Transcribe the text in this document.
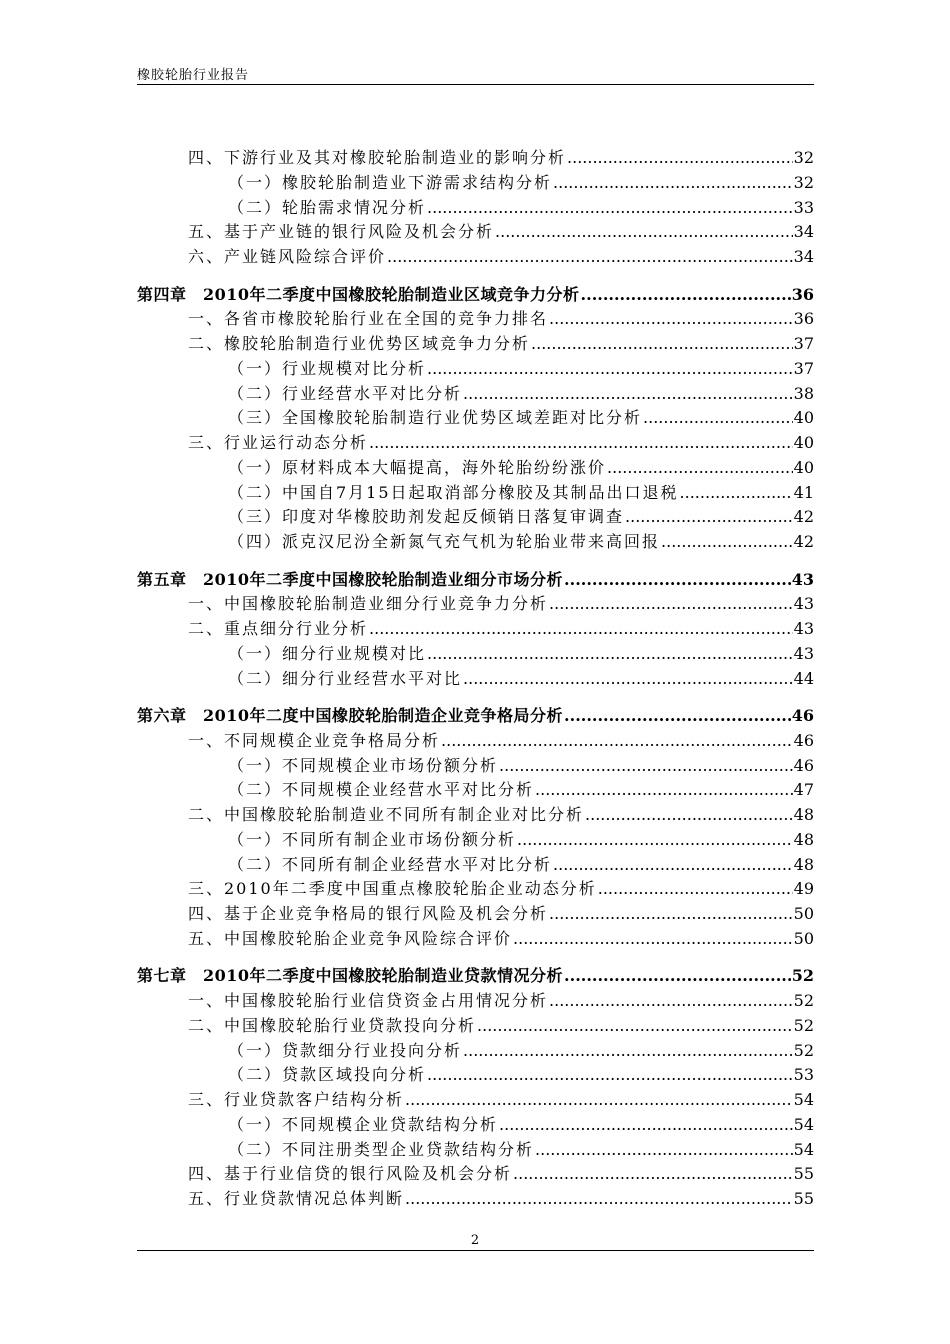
橡胶轮胎行业报告
四、下游行业及其对橡胶轮胎制造业的影响分析 .....	32
（一）橡胶轮胎制造业下游需求结构分析 .....	32
（二）轮胎需求情况分析 .....	33
五、基于产业链的银行风险及机会分析 .....	34
六、产业链风险综合评价 .....	34
第四章　2010年二季度中国橡胶轮胎制造业区域竞争力分析 .....	36
一、各省市橡胶轮胎行业在全国的竞争力排名 .....	36
二、橡胶轮胎制造行业优势区域竞争力分析 .....	37
（一）行业规模对比分析 .....	37
（二）行业经营水平对比分析 .....	38
（三）全国橡胶轮胎制造行业优势区域差距对比分析 .....	40
三、行业运行动态分析 .....	40
（一）原材料成本大幅提高，海外轮胎纷纷涨价 .....	40
（二）中国自7月15日起取消部分橡胶及其制品出口退税 .....	41
（三）印度对华橡胶助剂发起反倾销日落复审调查 .....	42
（四）派克汉尼汾全新氮气充气机为轮胎业带来高回报 .....	42
第五章　2010年二季度中国橡胶轮胎制造业细分市场分析 .....	43
一、中国橡胶轮胎制造业细分行业竞争力分析 .....	43
二、重点细分行业分析 .....	43
（一）细分行业规模对比 .....	43
（二）细分行业经营水平对比 .....	44
第六章　2010年二度中国橡胶轮胎制造企业竞争格局分析 .....	46
一、不同规模企业竞争格局分析 .....	46
（一）不同规模企业市场份额分析 .....	46
（二）不同规模企业经营水平对比分析 .....	47
二、中国橡胶轮胎制造业不同所有制企业对比分析 .....	48
（一）不同所有制企业市场份额分析 .....	48
（二）不同所有制企业经营水平对比分析 .....	48
三、2010年二季度中国重点橡胶轮胎企业动态分析 .....	49
四、基于企业竞争格局的银行风险及机会分析 .....	50
五、中国橡胶轮胎企业竞争风险综合评价 .....	50
第七章　2010年二季度中国橡胶轮胎制造业贷款情况分析 .....	52
一、中国橡胶轮胎行业信贷资金占用情况分析 .....	52
二、中国橡胶轮胎行业贷款投向分析 .....	52
（一）贷款细分行业投向分析 .....	52
（二）贷款区域投向分析 .....	53
三、行业贷款客户结构分析 .....	54
（一）不同规模企业贷款结构分析 .....	54
（二）不同注册类型企业贷款结构分析 .....	54
四、基于行业信贷的银行风险及机会分析 .....	55
五、行业贷款情况总体判断 .....	55
2
